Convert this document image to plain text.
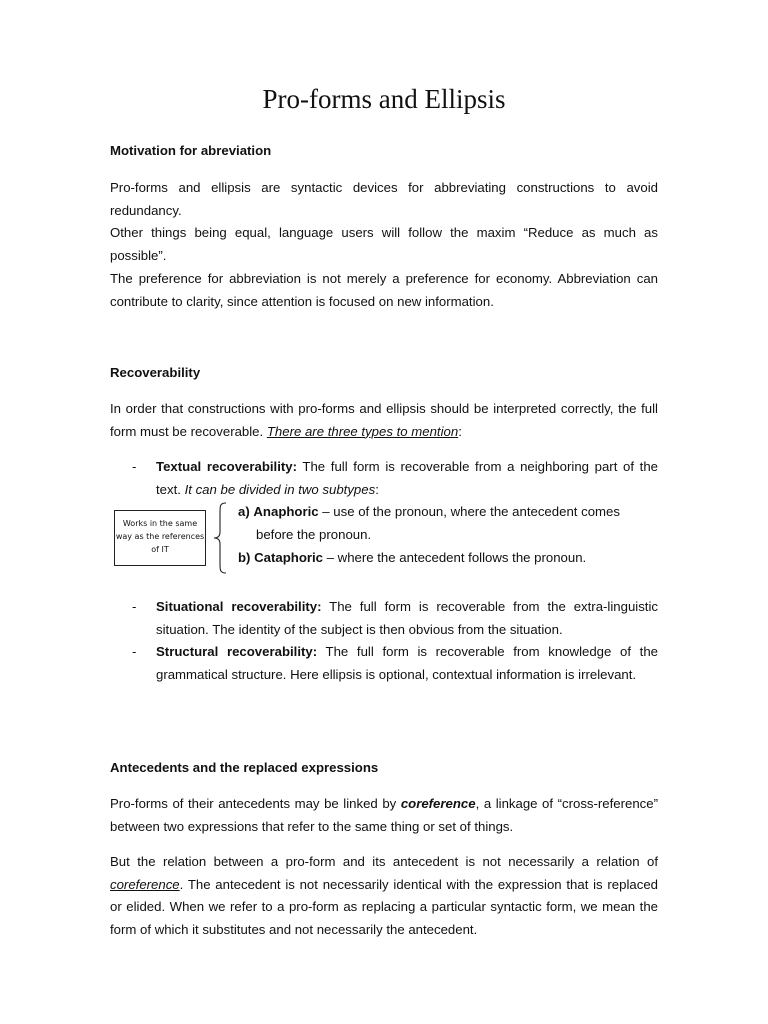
Pro-forms and Ellipsis
Motivation for abreviation
Pro-forms and ellipsis are syntactic devices for abbreviating constructions to avoid redundancy.
Other things being equal, language users will follow the maxim “Reduce as much as possible”.
The preference for abbreviation is not merely a preference for economy. Abbreviation can contribute to clarity, since attention is focused on new information.
Recoverability
In order that constructions with pro-forms and ellipsis should be interpreted correctly, the full form must be recoverable. There are three types to mention:
- Textual recoverability: The full form is recoverable from a neighboring part of the text. It can be divided in two subtypes:
Works in the same way as the references of IT
a) Anaphoric – use of the pronoun, where the antecedent comes
before the pronoun.
b) Cataphoric – where the antecedent follows the pronoun.
- Situational recoverability: The full form is recoverable from the extra-linguistic situation. The identity of the subject is then obvious from the situation.
- Structural recoverability: The full form is recoverable from knowledge of the grammatical structure. Here ellipsis is optional, contextual information is irrelevant.
Antecedents and the replaced expressions
Pro-forms of their antecedents may be linked by coreference, a linkage of “cross-reference” between two expressions that refer to the same thing or set of things.
But the relation between a pro-form and its antecedent is not necessarily a relation of coreference. The antecedent is not necessarily identical with the expression that is replaced or elided. When we refer to a pro-form as replacing a particular syntactic form, we mean the form of which it substitutes and not necessarily the antecedent.
